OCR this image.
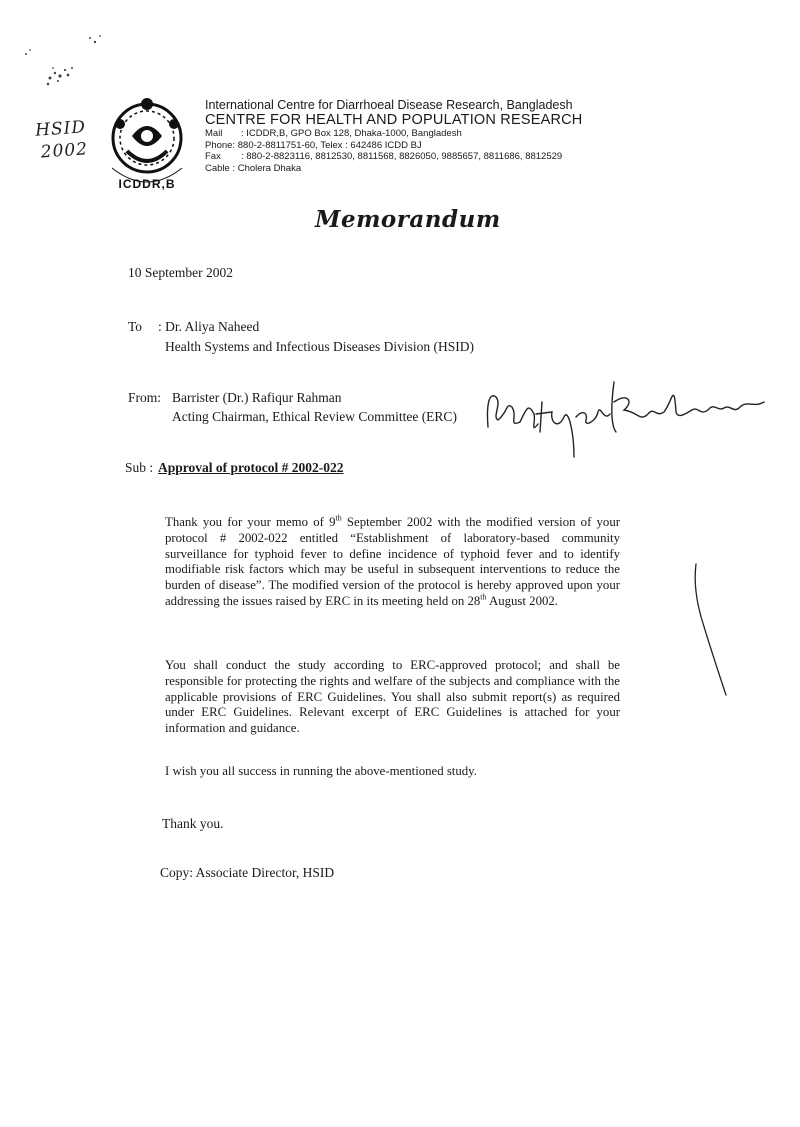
HSID
2002
ICDDR,B
International Centre for Diarrhoeal Disease Research, Bangladesh
CENTRE FOR HEALTH AND POPULATION RESEARCH
Mail	: ICDDR,B, GPO Box 128, Dhaka-1000, Bangladesh
Phone: 880-2-8811751-60, Telex : 642486 ICDD BJ
Fax	: 880-2-8823116, 8812530, 8811568, 8826050, 9885657, 8811686, 8812529
Cable : Cholera Dhaka
Memorandum
10 September 2002
To : Dr. Aliya Naheed
Health Systems and Infectious Diseases Division (HSID)
From: Barrister (Dr.) Rafiqur Rahman
Acting Chairman, Ethical Review Committee (ERC)
Sub : Approval of protocol # 2002-022
Thank you for your memo of 9th September 2002 with the modified version of your protocol # 2002-022 entitled “Establishment of laboratory-based community surveillance for typhoid fever to define incidence of typhoid fever and to identify modifiable risk factors which may be useful in subsequent interventions to reduce the burden of disease”. The modified version of the protocol is hereby approved upon your addressing the issues raised by ERC in its meeting held on 28th August 2002.
You shall conduct the study according to ERC-approved protocol; and shall be responsible for protecting the rights and welfare of the subjects and compliance with the applicable provisions of ERC Guidelines. You shall also submit report(s) as required under ERC Guidelines. Relevant excerpt of ERC Guidelines is attached for your information and guidance.
I wish you all success in running the above-mentioned study.
Thank you.
Copy: Associate Director, HSID
